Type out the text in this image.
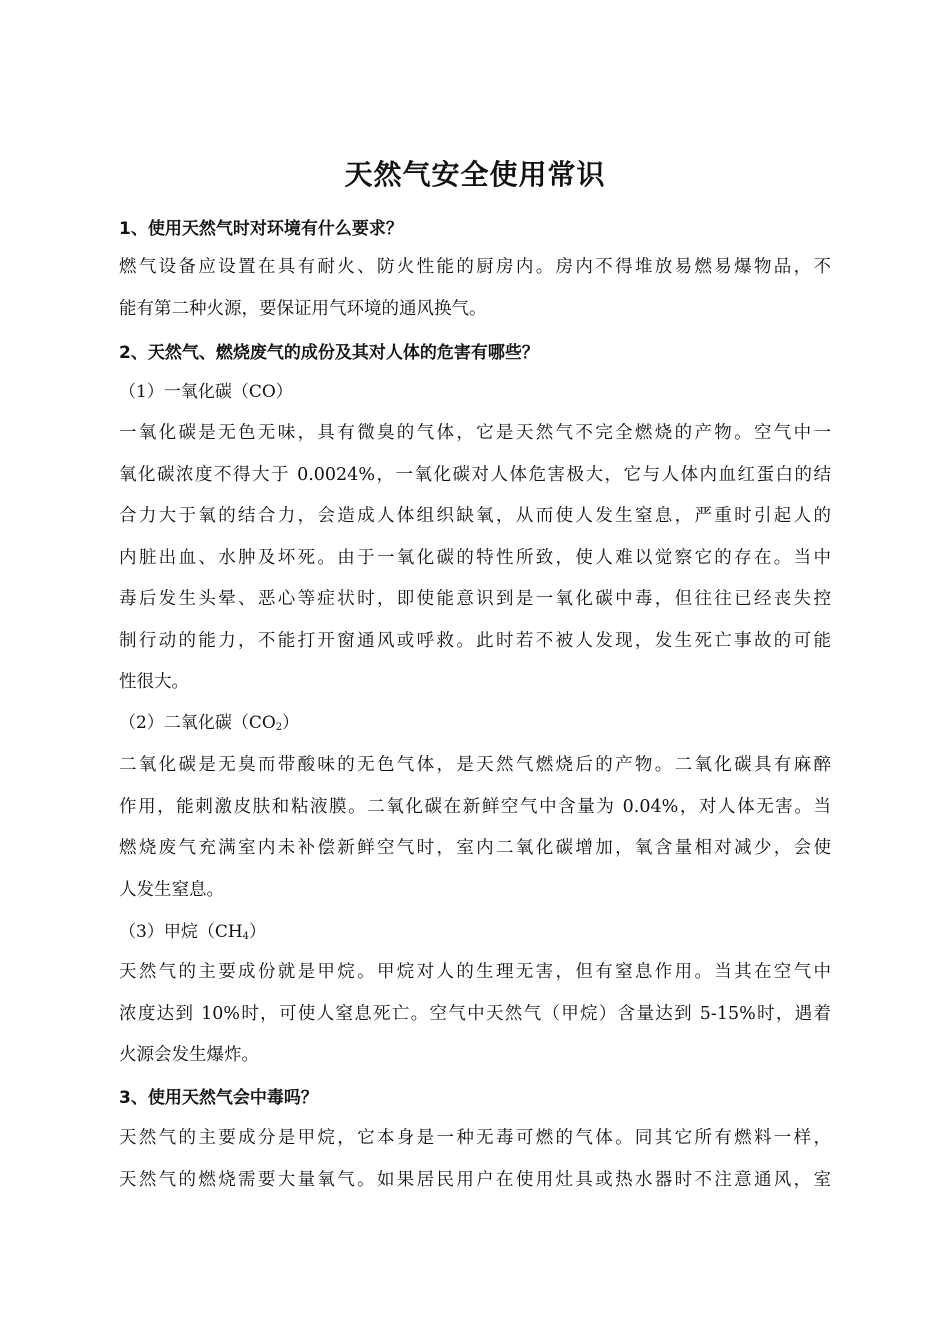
天然气安全使用常识
1、使用天然气时对环境有什么要求？
燃气设备应设置在具有耐火、防火性能的厨房内。房内不得堆放易燃易爆物品，不
能有第二种火源，要保证用气环境的通风换气。
2、天然气、燃烧废气的成份及其对人体的危害有哪些？
（1）一氧化碳（CO）
一氧化碳是无色无味，具有微臭的气体，它是天然气不完全燃烧的产物。空气中一
氧化碳浓度不得大于 0.0024%，一氧化碳对人体危害极大，它与人体内血红蛋白的结
合力大于氧的结合力，会造成人体组织缺氧，从而使人发生窒息，严重时引起人的
内脏出血、水肿及坏死。由于一氧化碳的特性所致，使人难以觉察它的存在。当中
毒后发生头晕、恶心等症状时，即使能意识到是一氧化碳中毒，但往往已经丧失控
制行动的能力，不能打开窗通风或呼救。此时若不被人发现，发生死亡事故的可能
性很大。
（2）二氧化碳（CO2）
二氧化碳是无臭而带酸味的无色气体，是天然气燃烧后的产物。二氧化碳具有麻醉
作用，能刺激皮肤和粘液膜。二氧化碳在新鲜空气中含量为 0.04%，对人体无害。当
燃烧废气充满室内未补偿新鲜空气时，室内二氧化碳增加，氧含量相对减少，会使
人发生窒息。
（3）甲烷（CH4）
天然气的主要成份就是甲烷。甲烷对人的生理无害，但有窒息作用。当其在空气中
浓度达到 10%时，可使人窒息死亡。空气中天然气（甲烷）含量达到 5-15%时，遇着
火源会发生爆炸。
3、使用天然气会中毒吗？
天然气的主要成分是甲烷，它本身是一种无毒可燃的气体。同其它所有燃料一样，
天然气的燃烧需要大量氧气。如果居民用户在使用灶具或热水器时不注意通风，室
